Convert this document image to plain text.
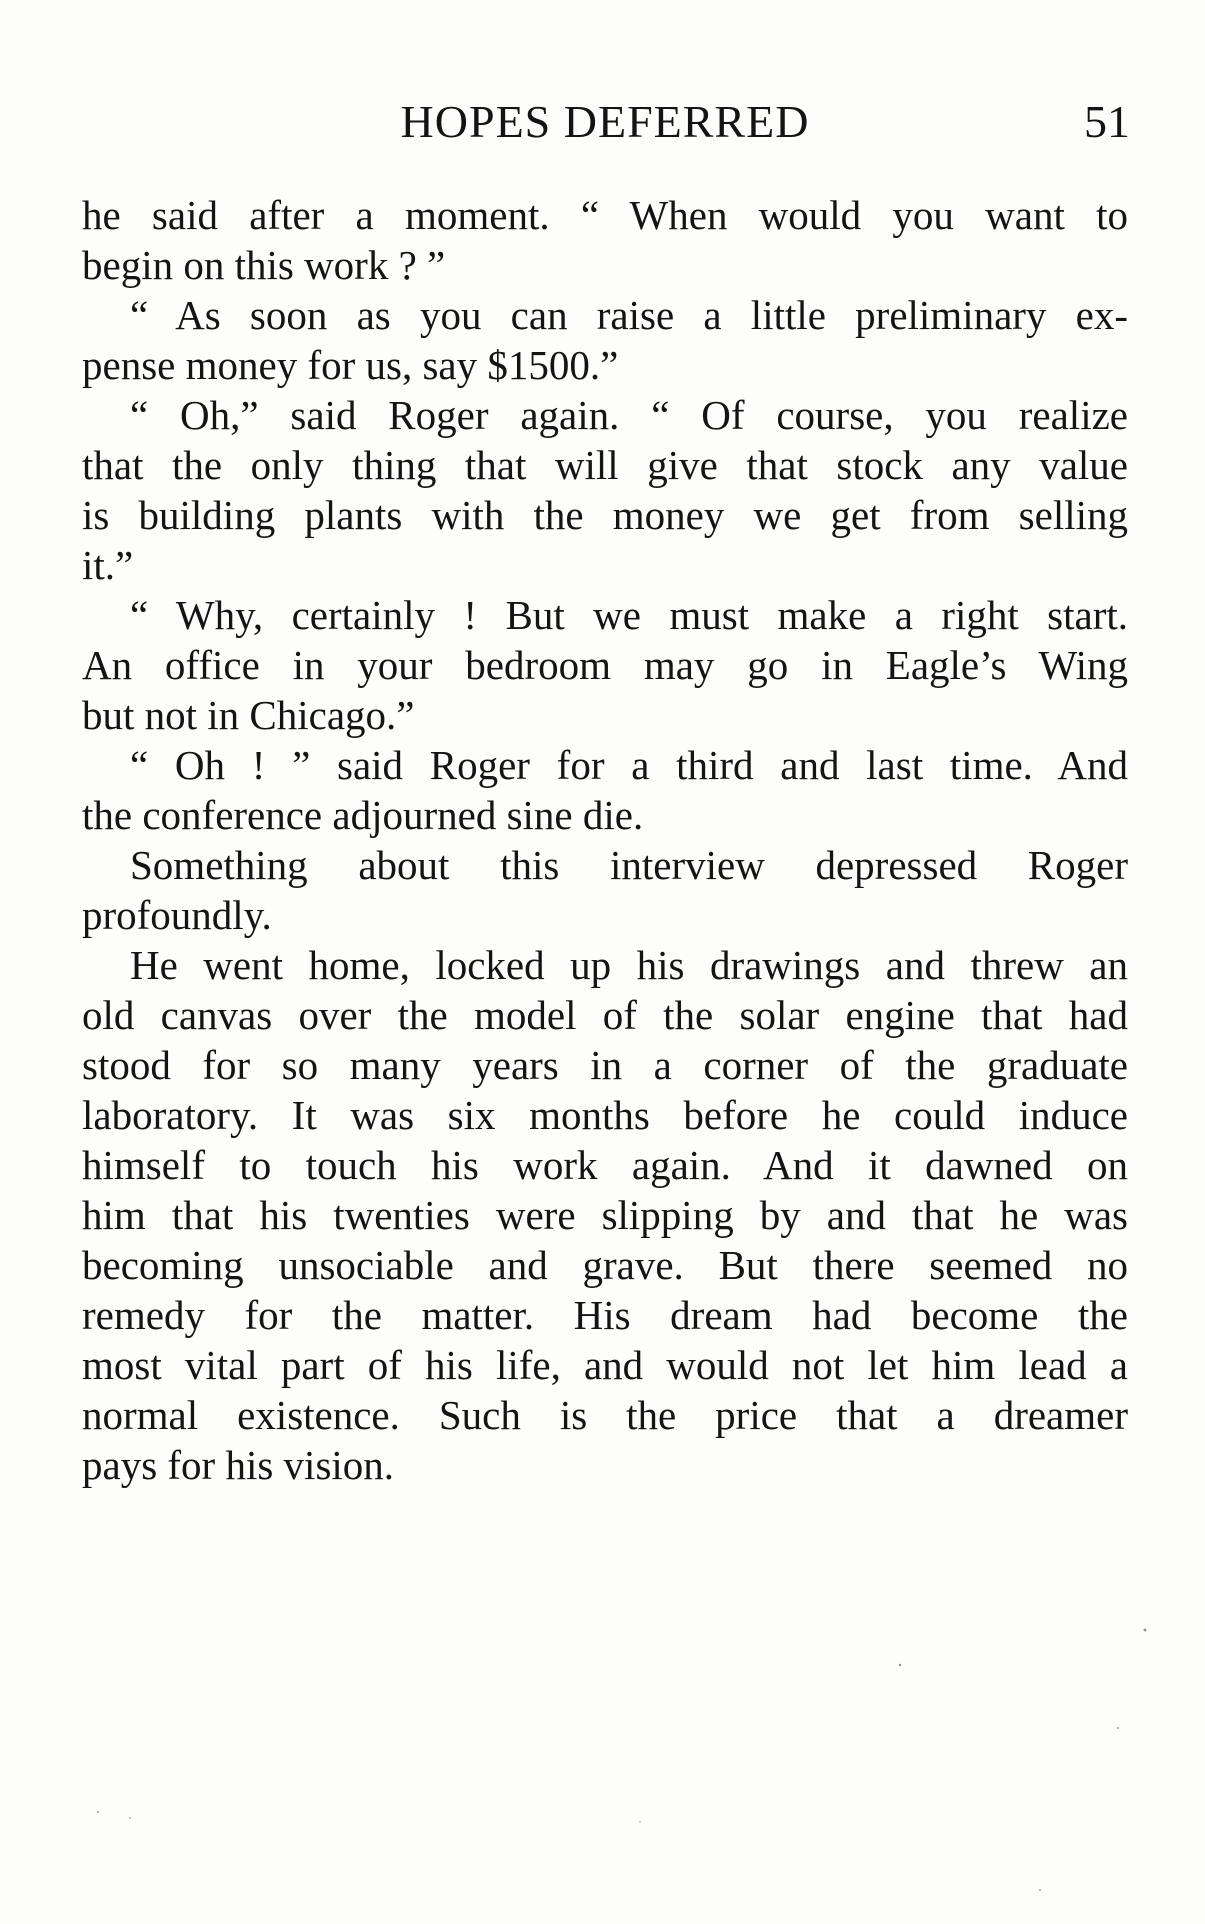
HOPES DEFERRED	51
he said after a moment. “ When would you want to
begin on this work ? ”
“ As soon as you can raise a little preliminary ex-
pense money for us, say $1500.”
“ Oh,” said Roger again. “ Of course, you realize
that the only thing that will give that stock any value
is building plants with the money we get from selling
it.”
“ Why, certainly ! But we must make a right start.
An office in your bedroom may go in Eagle’s Wing
but not in Chicago.”
“ Oh ! ” said Roger for a third and last time. And
the conference adjourned sine die.
Something about this interview depressed Roger
profoundly.
He went home, locked up his drawings and threw an
old canvas over the model of the solar engine that had
stood for so many years in a corner of the graduate
laboratory. It was six months before he could induce
himself to touch his work again. And it dawned on
him that his twenties were slipping by and that he was
becoming unsociable and grave. But there seemed no
remedy for the matter. His dream had become the
most vital part of his life, and would not let him lead a
normal existence. Such is the price that a dreamer
pays for his vision.
